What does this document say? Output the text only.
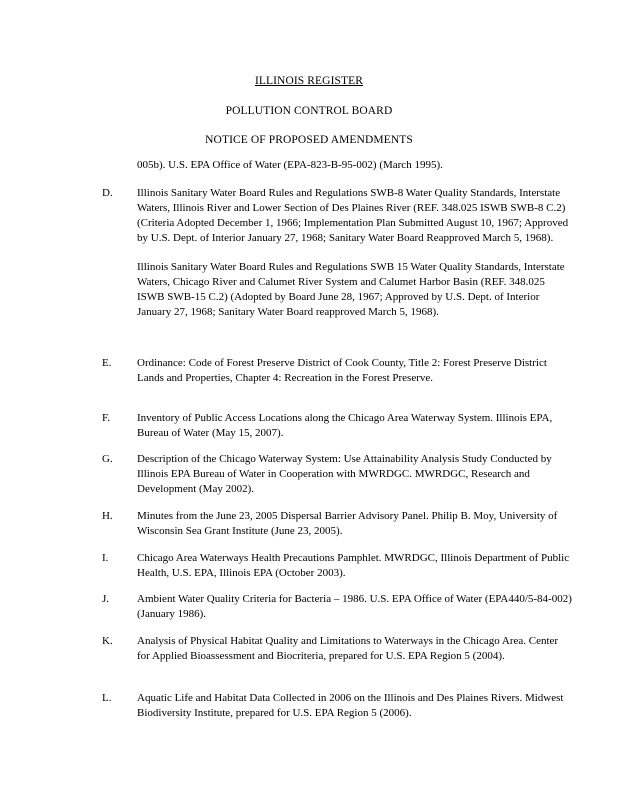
ILLINOIS REGISTER
POLLUTION CONTROL BOARD
NOTICE OF PROPOSED AMENDMENTS
005b). U.S. EPA Office of Water (EPA-823-B-95-002) (March 1995).
D.	Illinois Sanitary Water Board Rules and Regulations SWB-8 Water Quality Standards, Interstate Waters, Illinois River and Lower Section of Des Plaines River (REF. 348.025 ISWB SWB-8 C.2) (Criteria Adopted December 1, 1966; Implementation Plan Submitted August 10, 1967; Approved by U.S. Dept. of Interior January 27, 1968; Sanitary Water Board Reapproved March 5, 1968).

Illinois Sanitary Water Board Rules and Regulations SWB 15 Water Quality Standards, Interstate Waters, Chicago River and Calumet River System and Calumet Harbor Basin (REF. 348.025 ISWB SWB-15 C.2) (Adopted by Board June 28, 1967; Approved by U.S. Dept. of Interior January 27, 1968; Sanitary Water Board reapproved March 5, 1968).

E.	Ordinance: Code of Forest Preserve District of Cook County, Title 2: Forest Preserve District Lands and Properties, Chapter 4: Recreation in the Forest Preserve.

F.	Inventory of Public Access Locations along the Chicago Area Waterway System. Illinois EPA, Bureau of Water (May 15, 2007).

G.	Description of the Chicago Waterway System: Use Attainability Analysis Study Conducted by Illinois EPA Bureau of Water in Cooperation with MWRDGC. MWRDGC, Research and Development (May 2002).

H.	Minutes from the June 23, 2005 Dispersal Barrier Advisory Panel. Philip B. Moy, University of Wisconsin Sea Grant Institute (June 23, 2005).

I.	Chicago Area Waterways Health Precautions Pamphlet. MWRDGC, Illinois Department of Public Health, U.S. EPA, Illinois EPA (October 2003).

J.	Ambient Water Quality Criteria for Bacteria – 1986. U.S. EPA Office of Water (EPA440/5-84-002) (January 1986).

K.	Analysis of Physical Habitat Quality and Limitations to Waterways in the Chicago Area. Center for Applied Bioassessment and Biocriteria, prepared for U.S. EPA Region 5 (2004).

L.	Aquatic Life and Habitat Data Collected in 2006 on the Illinois and Des Plaines Rivers. Midwest Biodiversity Institute, prepared for U.S. EPA Region 5 (2006).
